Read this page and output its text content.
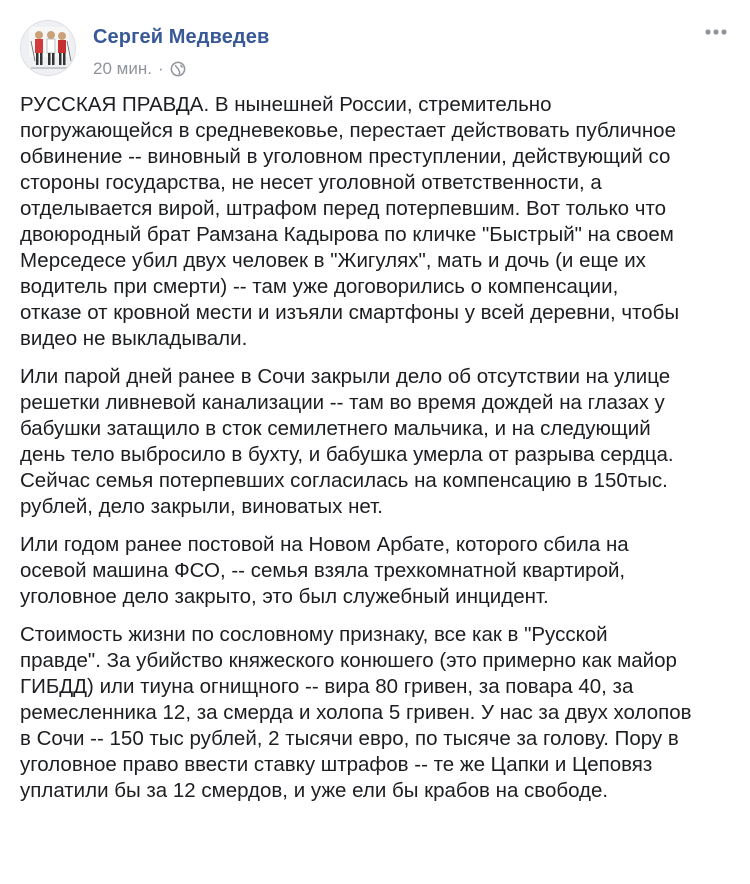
Сергей Медведев
20 мин. ·

РУССКАЯ ПРАВДА. В нынешней России, стремительно
погружающейся в средневековье, перестает действовать публичное
обвинение -- виновный в уголовном преступлении, действующий со
стороны государства, не несет уголовной ответственности, а
отделывается вирой, штрафом перед потерпевшим. Вот только что
двоюродный брат Рамзана Кадырова по кличке "Быстрый" на своем
Мерседесе убил двух человек в "Жигулях", мать и дочь (и еще их
водитель при смерти) -- там уже договорились о компенсации,
отказе от кровной мести и изъяли смартфоны у всей деревни, чтобы
видео не выкладывали.

Или парой дней ранее в Сочи закрыли дело об отсутствии на улице
решетки ливневой канализации -- там во время дождей на глазах у
бабушки затащило в сток семилетнего мальчика, и на следующий
день тело выбросило в бухту, и бабушка умерла от разрыва сердца.
Сейчас семья потерпевших согласилась на компенсацию в 150тыс.
рублей, дело закрыли, виноватых нет.

Или годом ранее постовой на Новом Арбате, которого сбила на
осевой машина ФСО, -- семья взяла трехкомнатной квартирой,
уголовное дело закрыто, это был служебный инцидент.

Стоимость жизни по сословному признаку, все как в "Русской
правде". За убийство княжеского конюшего (это примерно как майор
ГИБДД) или тиуна огнищного -- вира 80 гривен, за повара 40, за
ремесленника 12, за смерда и холопа 5 гривен. У нас за двух холопов
в Сочи -- 150 тыс рублей, 2 тысячи евро, по тысяче за голову. Пору в
уголовное право ввести ставку штрафов -- те же Цапки и Цеповяз
уплатили бы за 12 смердов, и уже ели бы крабов на свободе.
